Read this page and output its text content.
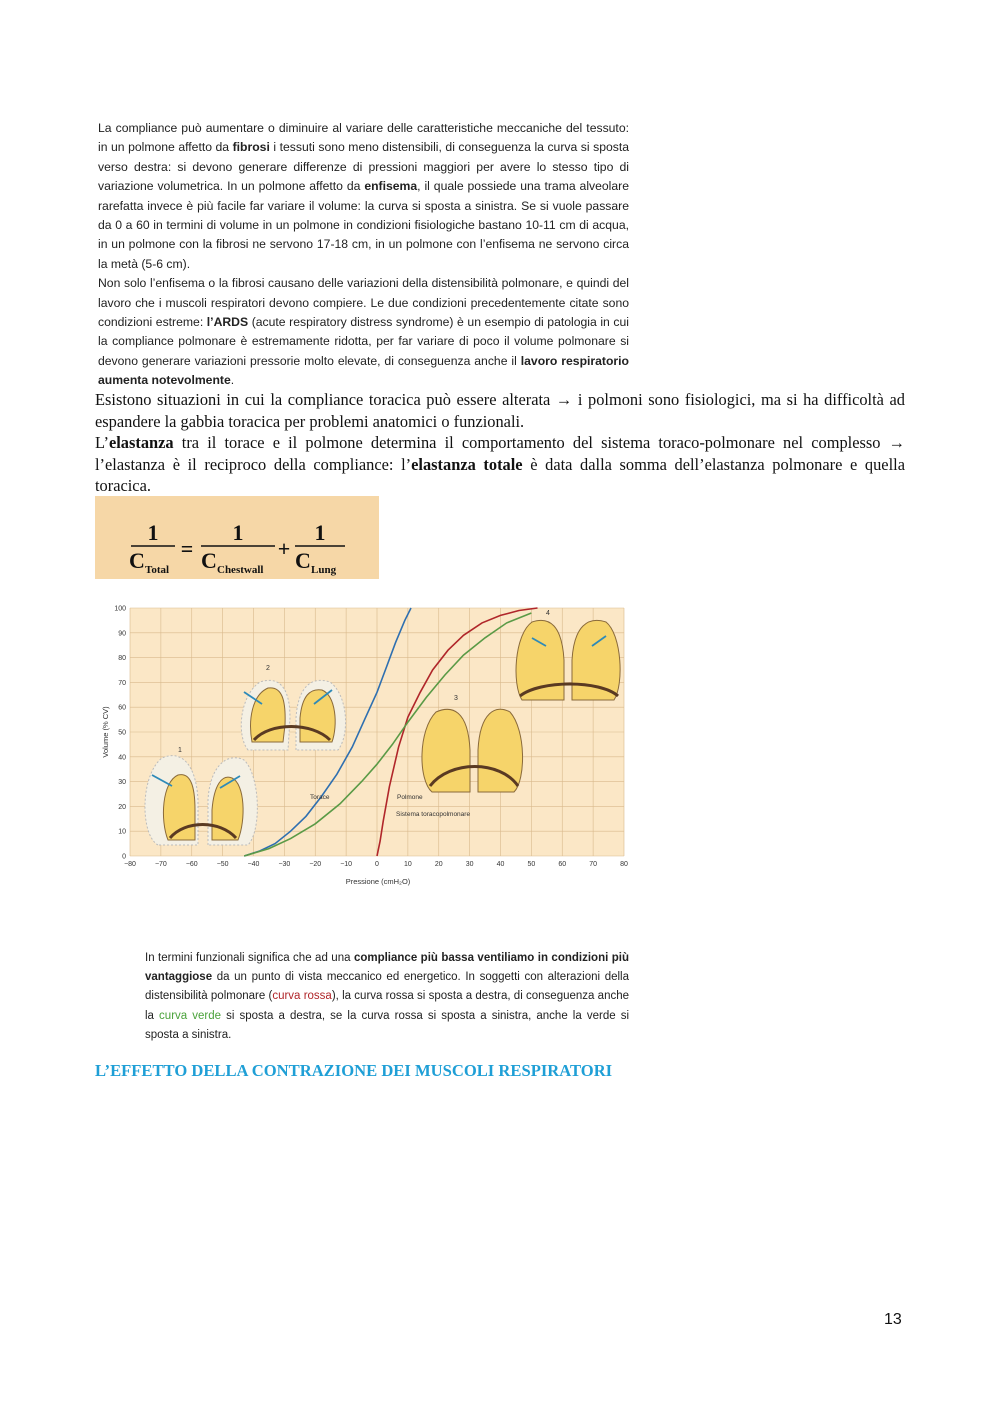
La compliance può aumentare o diminuire al variare delle caratteristiche meccaniche del tessuto: in un polmone affetto da fibrosi i tessuti sono meno distensibili, di conseguenza la curva si sposta verso destra: si devono generare differenze di pressioni maggiori per avere lo stesso tipo di variazione volumetrica. In un polmone affetto da enfisema, il quale possiede una trama alveolare rarefatta invece è più facile far variare il volume: la curva si sposta a sinistra. Se si vuole passare da 0 a 60 in termini di volume in un polmone in condizioni fisiologiche bastano 10-11 cm di acqua, in un polmone con la fibrosi ne servono 17-18 cm, in un polmone con l’enfisema ne servono circa la metà (5-6 cm).

Non solo l’enfisema o la fibrosi causano delle variazioni della distensibilità polmonare, e quindi del lavoro che i muscoli respiratori devono compiere. Le due condizioni precedentemente citate sono condizioni estreme: l’ARDS (acute respiratory distress syndrome) è un esempio di patologia in cui la compliance polmonare è estremamente ridotta, per far variare di poco il volume polmonare si devono generare variazioni pressorie molto elevate, di conseguenza anche il lavoro respiratorio aumenta notevolmente.

Esistono situazioni in cui la compliance toracica può essere alterata → i polmoni sono fisiologici, ma si ha difficoltà ad espandere la gabbia toracica per problemi anatomici o funzionali.

L’elastanza tra il torace e il polmone determina il comportamento del sistema toraco-polmonare nel complesso → l’elastanza è il reciproco della compliance: l’elastanza totale è data dalla somma dell’elastanza polmonare e quella toracica.

1
C Total
=
1
C Chestwall
+
1
C Lung
−80	−70	−60	−50	−40	−30	−20	−10	0	10	20	30	40	50	60	70	80
0
10
20
30
40
50
60
70
80
90
100
Pressione (cmH₂O)
Volume (% CV)	1
2
3
4
Torace	Polmone
Sistema toracopolmonare

In termini funzionali significa che ad una compliance più bassa ventiliamo in condizioni più vantaggiose da un punto di vista meccanico ed energetico. In soggetti con alterazioni della distensibilità polmonare (curva rossa), la curva rossa si sposta a destra, di conseguenza anche la curva verde si sposta a destra, se la curva rossa si sposta a sinistra, anche la verde si sposta a sinistra.

L’EFFETTO DELLA CONTRAZIONE DEI MUSCOLI RESPIRATORI
13
